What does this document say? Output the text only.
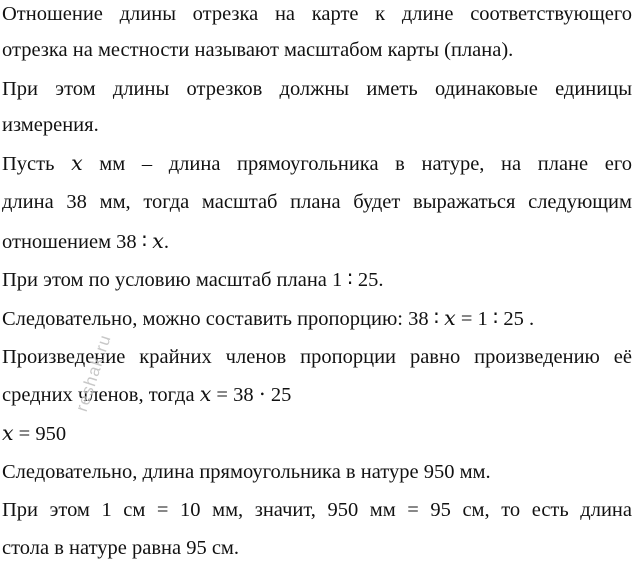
Отношение длины отрезка на карте к длине соответствующего
отрезка на местности называют масштабом карты (плана).
При этом длины отрезков должны иметь одинаковые единицы
измерения.
Пусть 𝑥 мм – длина прямоугольника в натуре, на плане его
длина 38 мм, тогда масштаб плана будет выражаться следующим
отношением 38 ∶ 𝑥.
При этом по условию масштаб плана 1 ∶ 25.
Следовательно, можно составить пропорцию: 38 ∶ 𝑥 = 1 ∶ 25 .
Произведение крайних членов пропорции равно произведению её
средних членов, тогда 𝑥 = 38 ⋅ 25
𝑥 = 950
Следовательно, длина прямоугольника в натуре 950 мм.
При этом 1 см = 10 мм, значит, 950 мм = 95 см, то есть длина
стола в натуре равна 95 см.
reshak.ru
